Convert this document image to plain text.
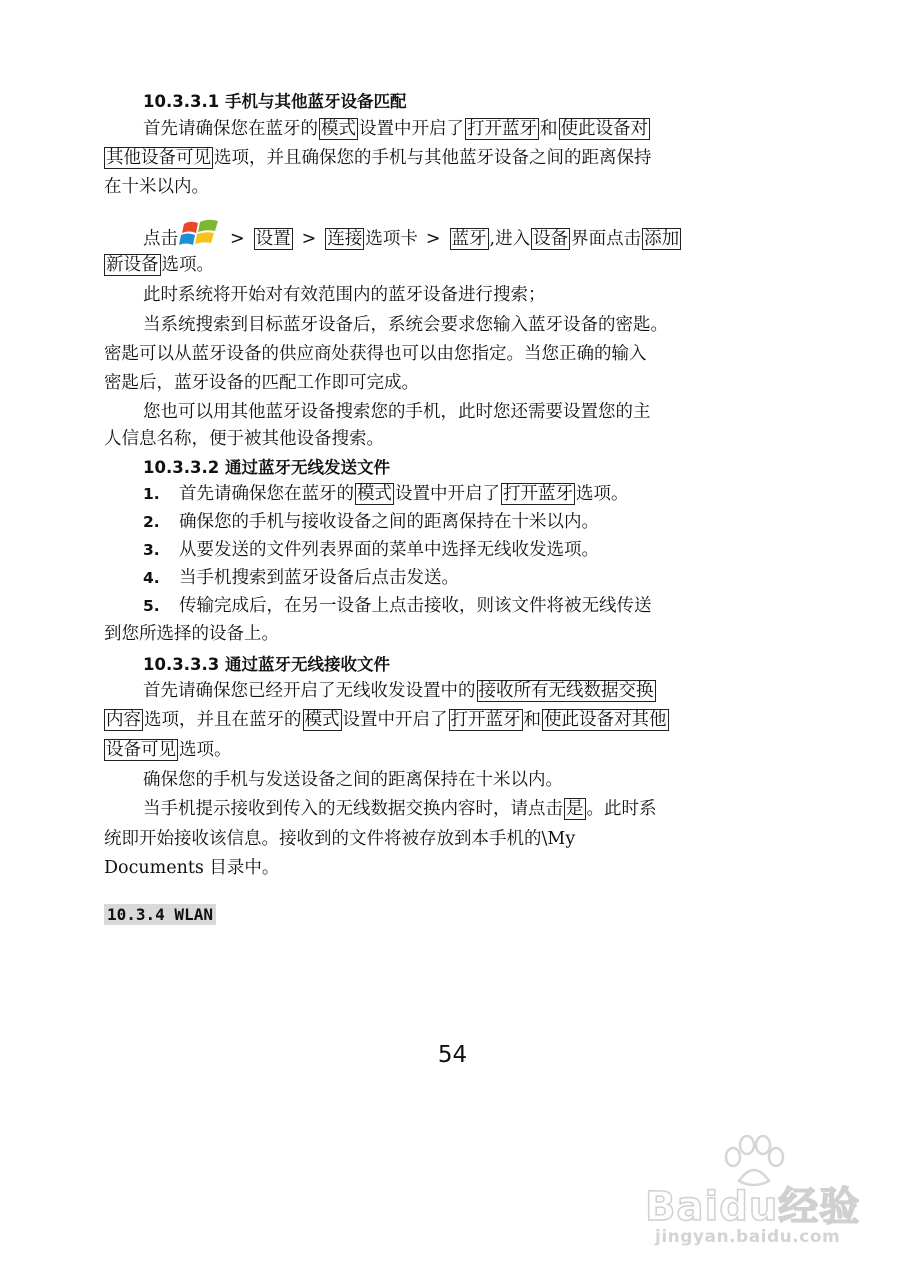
10.3.3.1 手机与其他蓝牙设备匹配
首先请确保您在蓝牙的 模式 设置中开启了 打开蓝牙 和 使此设备对
其他设备可见 选项，并且确保您的手机与其他蓝牙设备之间的距离保持
在十米以内。
点击	> 设置 > 连接 选项卡 > 蓝牙 ,进入 设备 界面点击 添加
新设备 选项。
此时系统将开始对有效范围内的蓝牙设备进行搜索；
当系统搜索到目标蓝牙设备后，系统会要求您输入蓝牙设备的密匙。
密匙可以从蓝牙设备的供应商处获得也可以由您指定。当您正确的输入
密匙后，蓝牙设备的匹配工作即可完成。
您也可以用其他蓝牙设备搜索您的手机，此时您还需要设置您的主
人信息名称，便于被其他设备搜索。
10.3.3.2 通过蓝牙无线发送文件
1. 首先请确保您在蓝牙的 模式 设置中开启了 打开蓝牙 选项。
2. 确保您的手机与接收设备之间的距离保持在十米以内。
3. 从要发送的文件列表界面的菜单中选择无线收发选项。
4. 当手机搜索到蓝牙设备后点击发送。
5. 传输完成后，在另一设备上点击接收，则该文件将被无线传送
到您所选择的设备上。
10.3.3.3 通过蓝牙无线接收文件
首先请确保您已经开启了无线收发设置中的 接收所有无线数据交换
内容 选项，并且在蓝牙的 模式 设置中开启了 打开蓝牙 和 使此设备对其他
设备可见 选项。
确保您的手机与发送设备之间的距离保持在十米以内。
当手机提示接收到传入的无线数据交换内容时，请点击 是 。此时系
统即开始接收该信息。接收到的文件将被存放到本手机的\My
Documents 目录中。
10.3.4 WLAN
54
Baidu经验
jingyan.baidu.com
